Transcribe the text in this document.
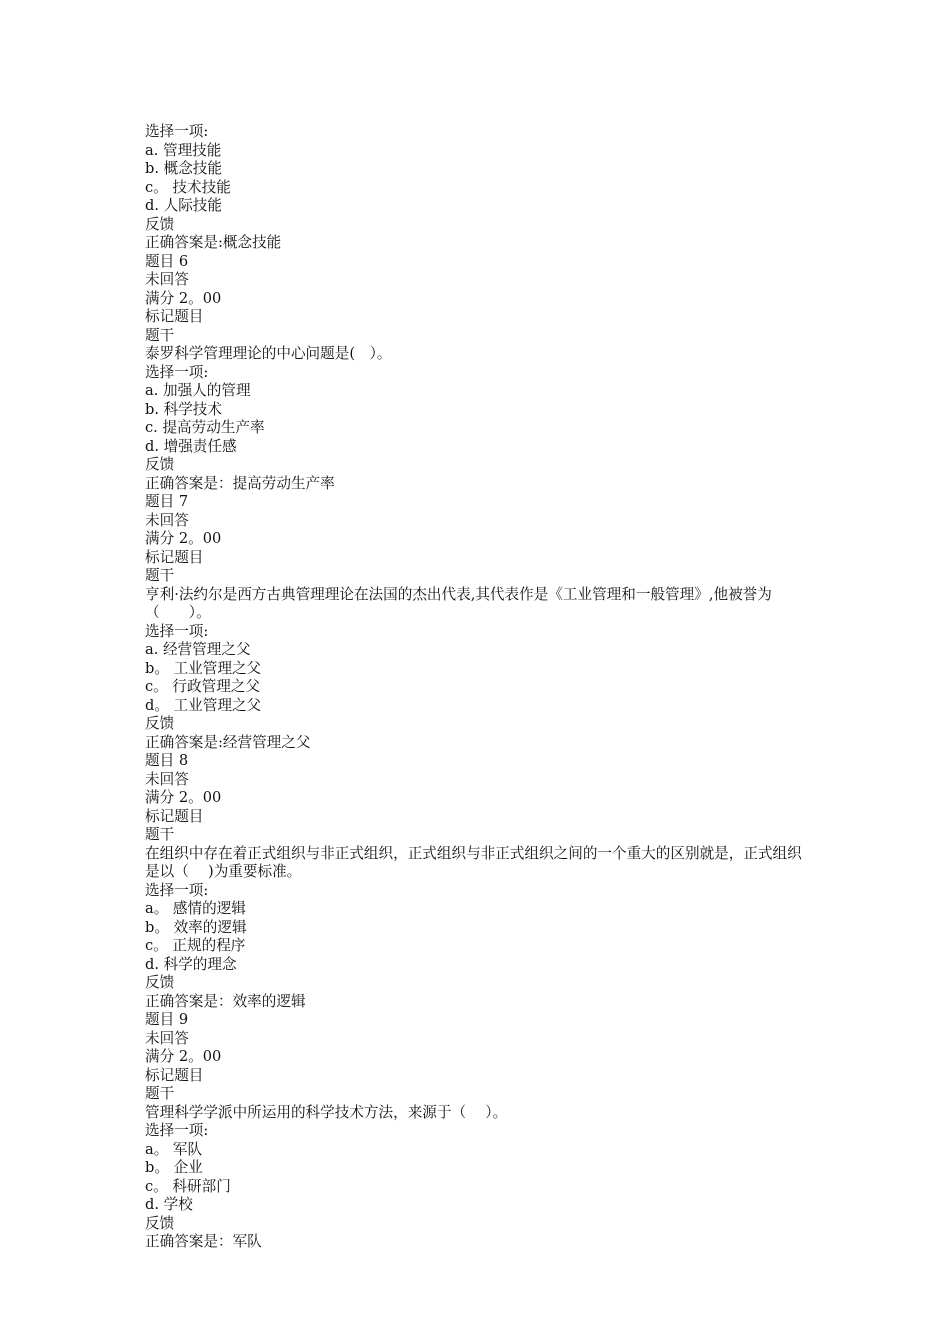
选择一项:
a. 管理技能
b. 概念技能
c。 技术技能
d. 人际技能
反馈
正确答案是:概念技能
题目 6
未回答
满分 2。00
标记题目
题干
泰罗科学管理理论的中心问题是(　）。
选择一项:
a. 加强人的管理
b. 科学技术
c. 提高劳动生产率
d. 增强责任感
反馈
正确答案是：提高劳动生产率
题目 7
未回答
满分 2。00
标记题目
题干
亨利·法约尔是西方古典管理理论在法国的杰出代表,其代表作是《工业管理和一般管理》,他被誉为（　　）。
选择一项:
a. 经营管理之父
b。 工业管理之父
c。 行政管理之父
d。 工业管理之父
反馈
正确答案是:经营管理之父
题目 8
未回答
满分 2。00
标记题目
题干
在组织中存在着正式组织与非正式组织，正式组织与非正式组织之间的一个重大的区别就是，正式组织是以（　 )为重要标准。
选择一项:
a。 感情的逻辑
b。 效率的逻辑
c。 正规的程序
d. 科学的理念
反馈
正确答案是：效率的逻辑
题目 9
未回答
满分 2。00
标记题目
题干
管理科学学派中所运用的科学技术方法，来源于（　 ）。
选择一项:
a。 军队
b。 企业
c。 科研部门
d. 学校
反馈
正确答案是：军队
